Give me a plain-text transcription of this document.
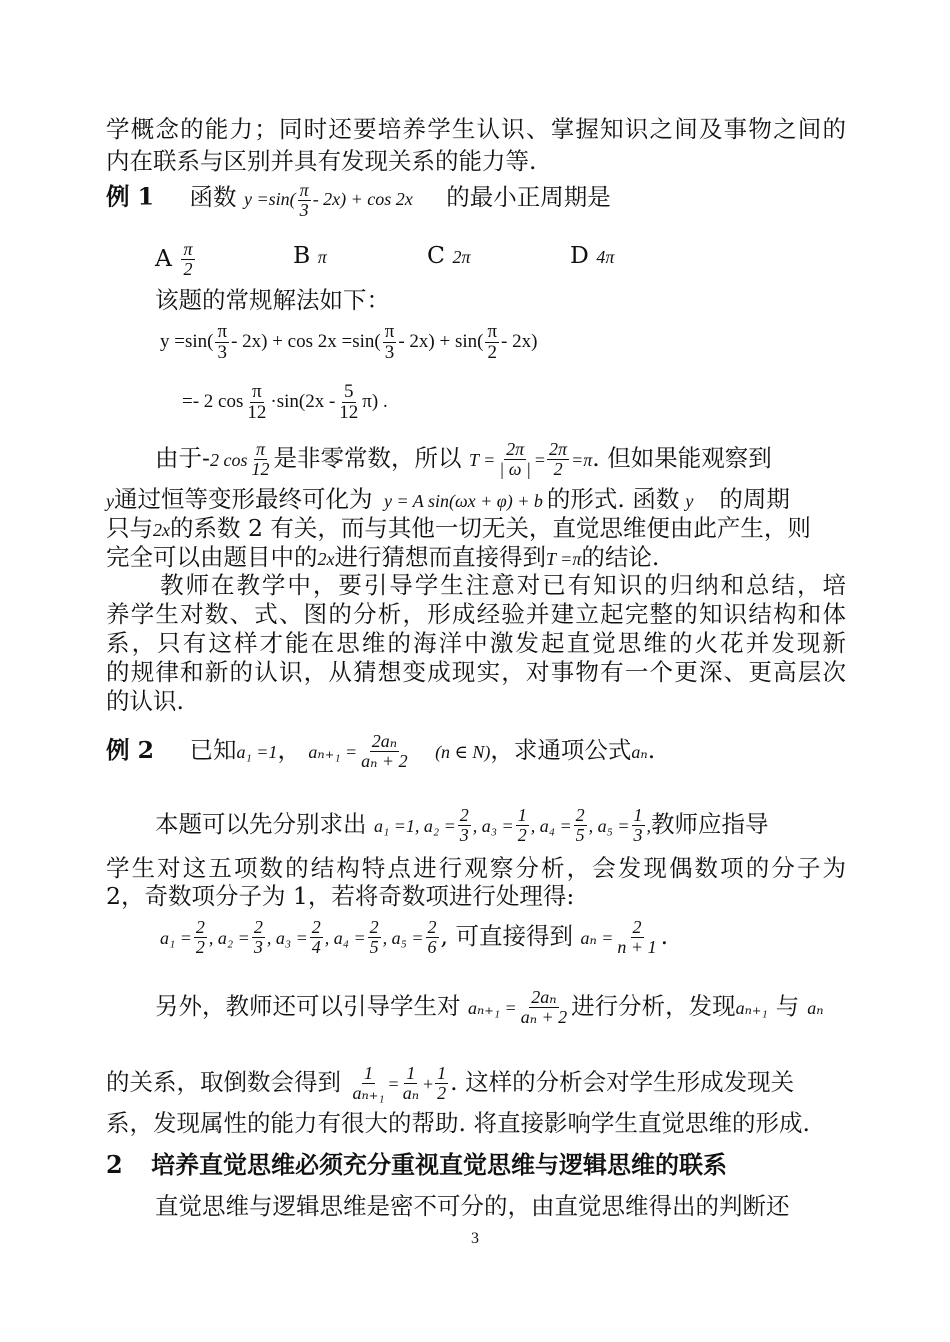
学概念的能力；同时还要培养学生认识、掌握知识之间及事物之间的
内在联系与区别并具有发现关系的能力等.
例 1 函数 $y =\sin( \frac{\pi}{3} - 2x) + \cos 2x$ 的最小正周期是
A $\frac{\pi}{2}$	B π	C 2π	D 4π
该题的常规解法如下：
$y =\sin( \frac{\pi}{3} - 2x) + \cos 2x =\sin( \frac{\pi}{3} - 2x) + \sin( \frac{\pi}{2} - 2x)$
=- 2 $\cos \frac{\pi}{12} \cdot\sin(2x - \frac{5}{12} \pi)$ .
由于-2 $\cos \frac{\pi}{12}$ 是非零常数，所以 $T = \frac{2\pi}{| \omega |} = \frac{2\pi}{2} =\pi$. 但如果能观察到
y通过恒等变形最终可化为 y = A sin(ωx + φ) + b 的形式. 函数 y 的周期
只与2x的系数 2 有关，而与其他一切无关，直觉思维便由此产生，则
完全可以由题目中的2x进行猜想而直接得到T =π的结论.
教师在教学中，要引导学生注意对已有知识的归纳和总结，培
养学生对数、式、图的分析，形成经验并建立起完整的知识结构和体
系，只有这样才能在思维的海洋中激发起直觉思维的火花并发现新
的规律和新的认识，从猜想变成现实，对事物有一个更深、更高层次
的认识.
例 2 已知a₁ =1， $a_{n+1} = \frac{\text{2aₙ}}{\text{aₙ + 2}} (n$ ∈ N)，求通项公式aₙ.
本题可以先分别求出 a₁ =1, $a_2 = \frac{2}{3}$ , $a_3 = \frac{1}{2}$ , $a_4 = \frac{2}{5}$ , $a_5 = \frac{1}{3}$ ,教师应指导
学生对这五项数的结构特点进行观察分析，会发现偶数项的分子为
2，奇数项分子为 1，若将奇数项进行处理得:
$a_1 = \frac{2}{2}$ , $a_2 = \frac{2}{3}$ , $a_3 = \frac{2}{4}$ , $a_4 = \frac{2}{5}$ , $a_5 = \frac{2}{6}$ , 可直接得到 $a_n = \frac{2}{n + 1}$ .
另外，教师还可以引导学生对 $a_{n+1} = \frac{\text{2aₙ}}{\text{aₙ + 2}}$ 进行分析，发现aₙ₊₁ 与 aₙ
的关系，取倒数会得到 $\frac{1}{\text{aₙ₊₁}} = \frac{1}{\text{aₙ}} + \frac{1}{2}$ . 这样的分析会对学生形成发现关
系，发现属性的能力有很大的帮助. 将直接影响学生直觉思维的形成.
2 培养直觉思维必须充分重视直觉思维与逻辑思维的联系
直觉思维与逻辑思维是密不可分的，由直觉思维得出的判断还
3
